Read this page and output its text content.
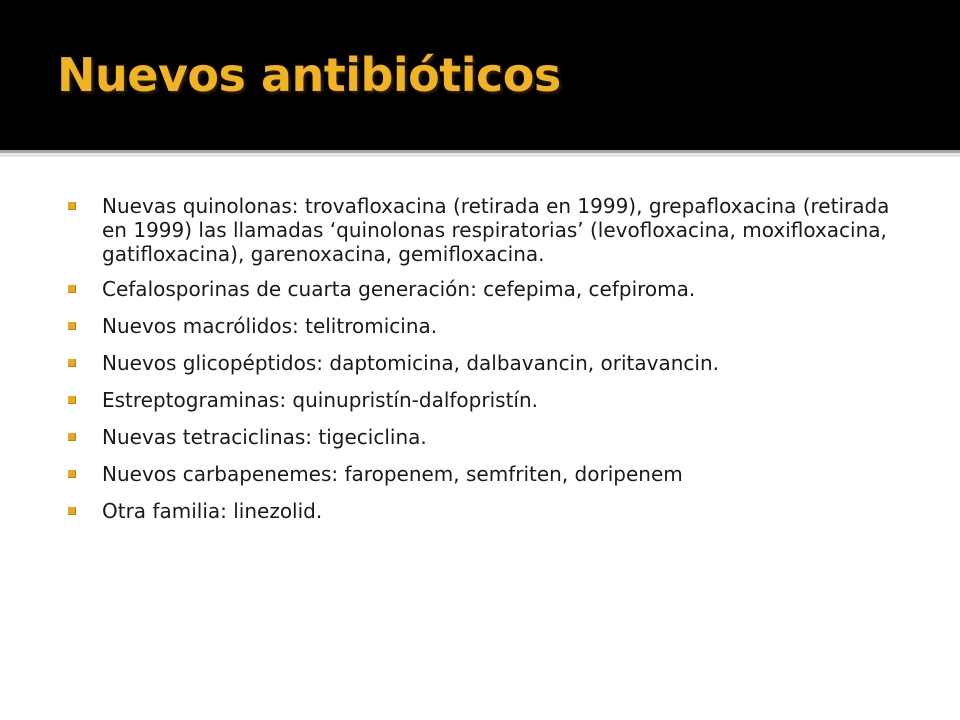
Nuevos antibióticos
Nuevas quinolonas: trovafloxacina (retirada en 1999), grepafloxacina (retirada en 1999) las llamadas ‘quinolonas respiratorias’ (levofloxacina, moxifloxacina, gatifloxacina), garenoxacina, gemifloxacina.
Cefalosporinas de cuarta generación: cefepima, cefpiroma.
Nuevos macrólidos: telitromicina.
Nuevos glicopéptidos: daptomicina, dalbavancin, oritavancin.
Estreptograminas: quinupristín-dalfopristín.
Nuevas tetraciclinas: tigeciclina.
Nuevos carbapenemes: faropenem, semfriten, doripenem
Otra familia: linezolid.
